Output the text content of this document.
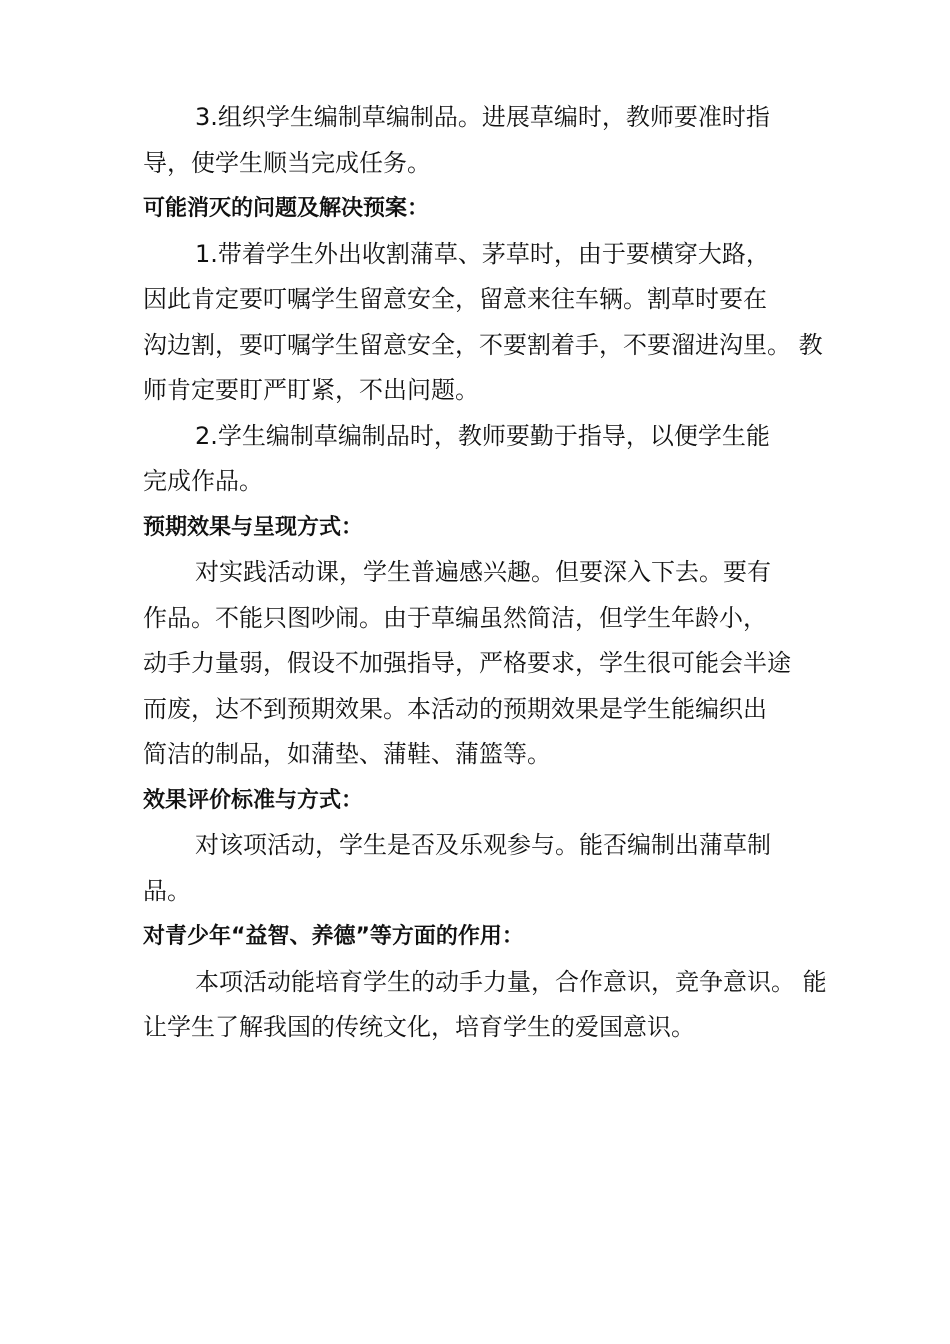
3.组织学生编制草编制品。进展草编时，教师要准时指
导，使学生顺当完成任务。

可能消灭的问题及解决预案：

1.带着学生外出收割蒲草、茅草时，由于要横穿大路，
因此肯定要叮嘱学生留意安全，留意来往车辆。割草时要在
沟边割，要叮嘱学生留意安全，不要割着手，不要溜进沟里。 教
师肯定要盯严盯紧，不出问题。

2.学生编制草编制品时，教师要勤于指导，以便学生能
完成作品。

预期效果与呈现方式：

对实践活动课，学生普遍感兴趣。但要深入下去。要有
作品。不能只图吵闹。由于草编虽然简洁，但学生年龄小，
动手力量弱，假设不加强指导，严格要求，学生很可能会半途
而废，达不到预期效果。本活动的预期效果是学生能编织出
简洁的制品，如蒲垫、蒲鞋、蒲篮等。

效果评价标准与方式：

对该项活动，学生是否及乐观参与。能否编制出蒲草制
品。

对青少年“益智、养德”等方面的作用：

本项活动能培育学生的动手力量，合作意识，竞争意识。 能
让学生了解我国的传统文化，培育学生的爱国意识。
